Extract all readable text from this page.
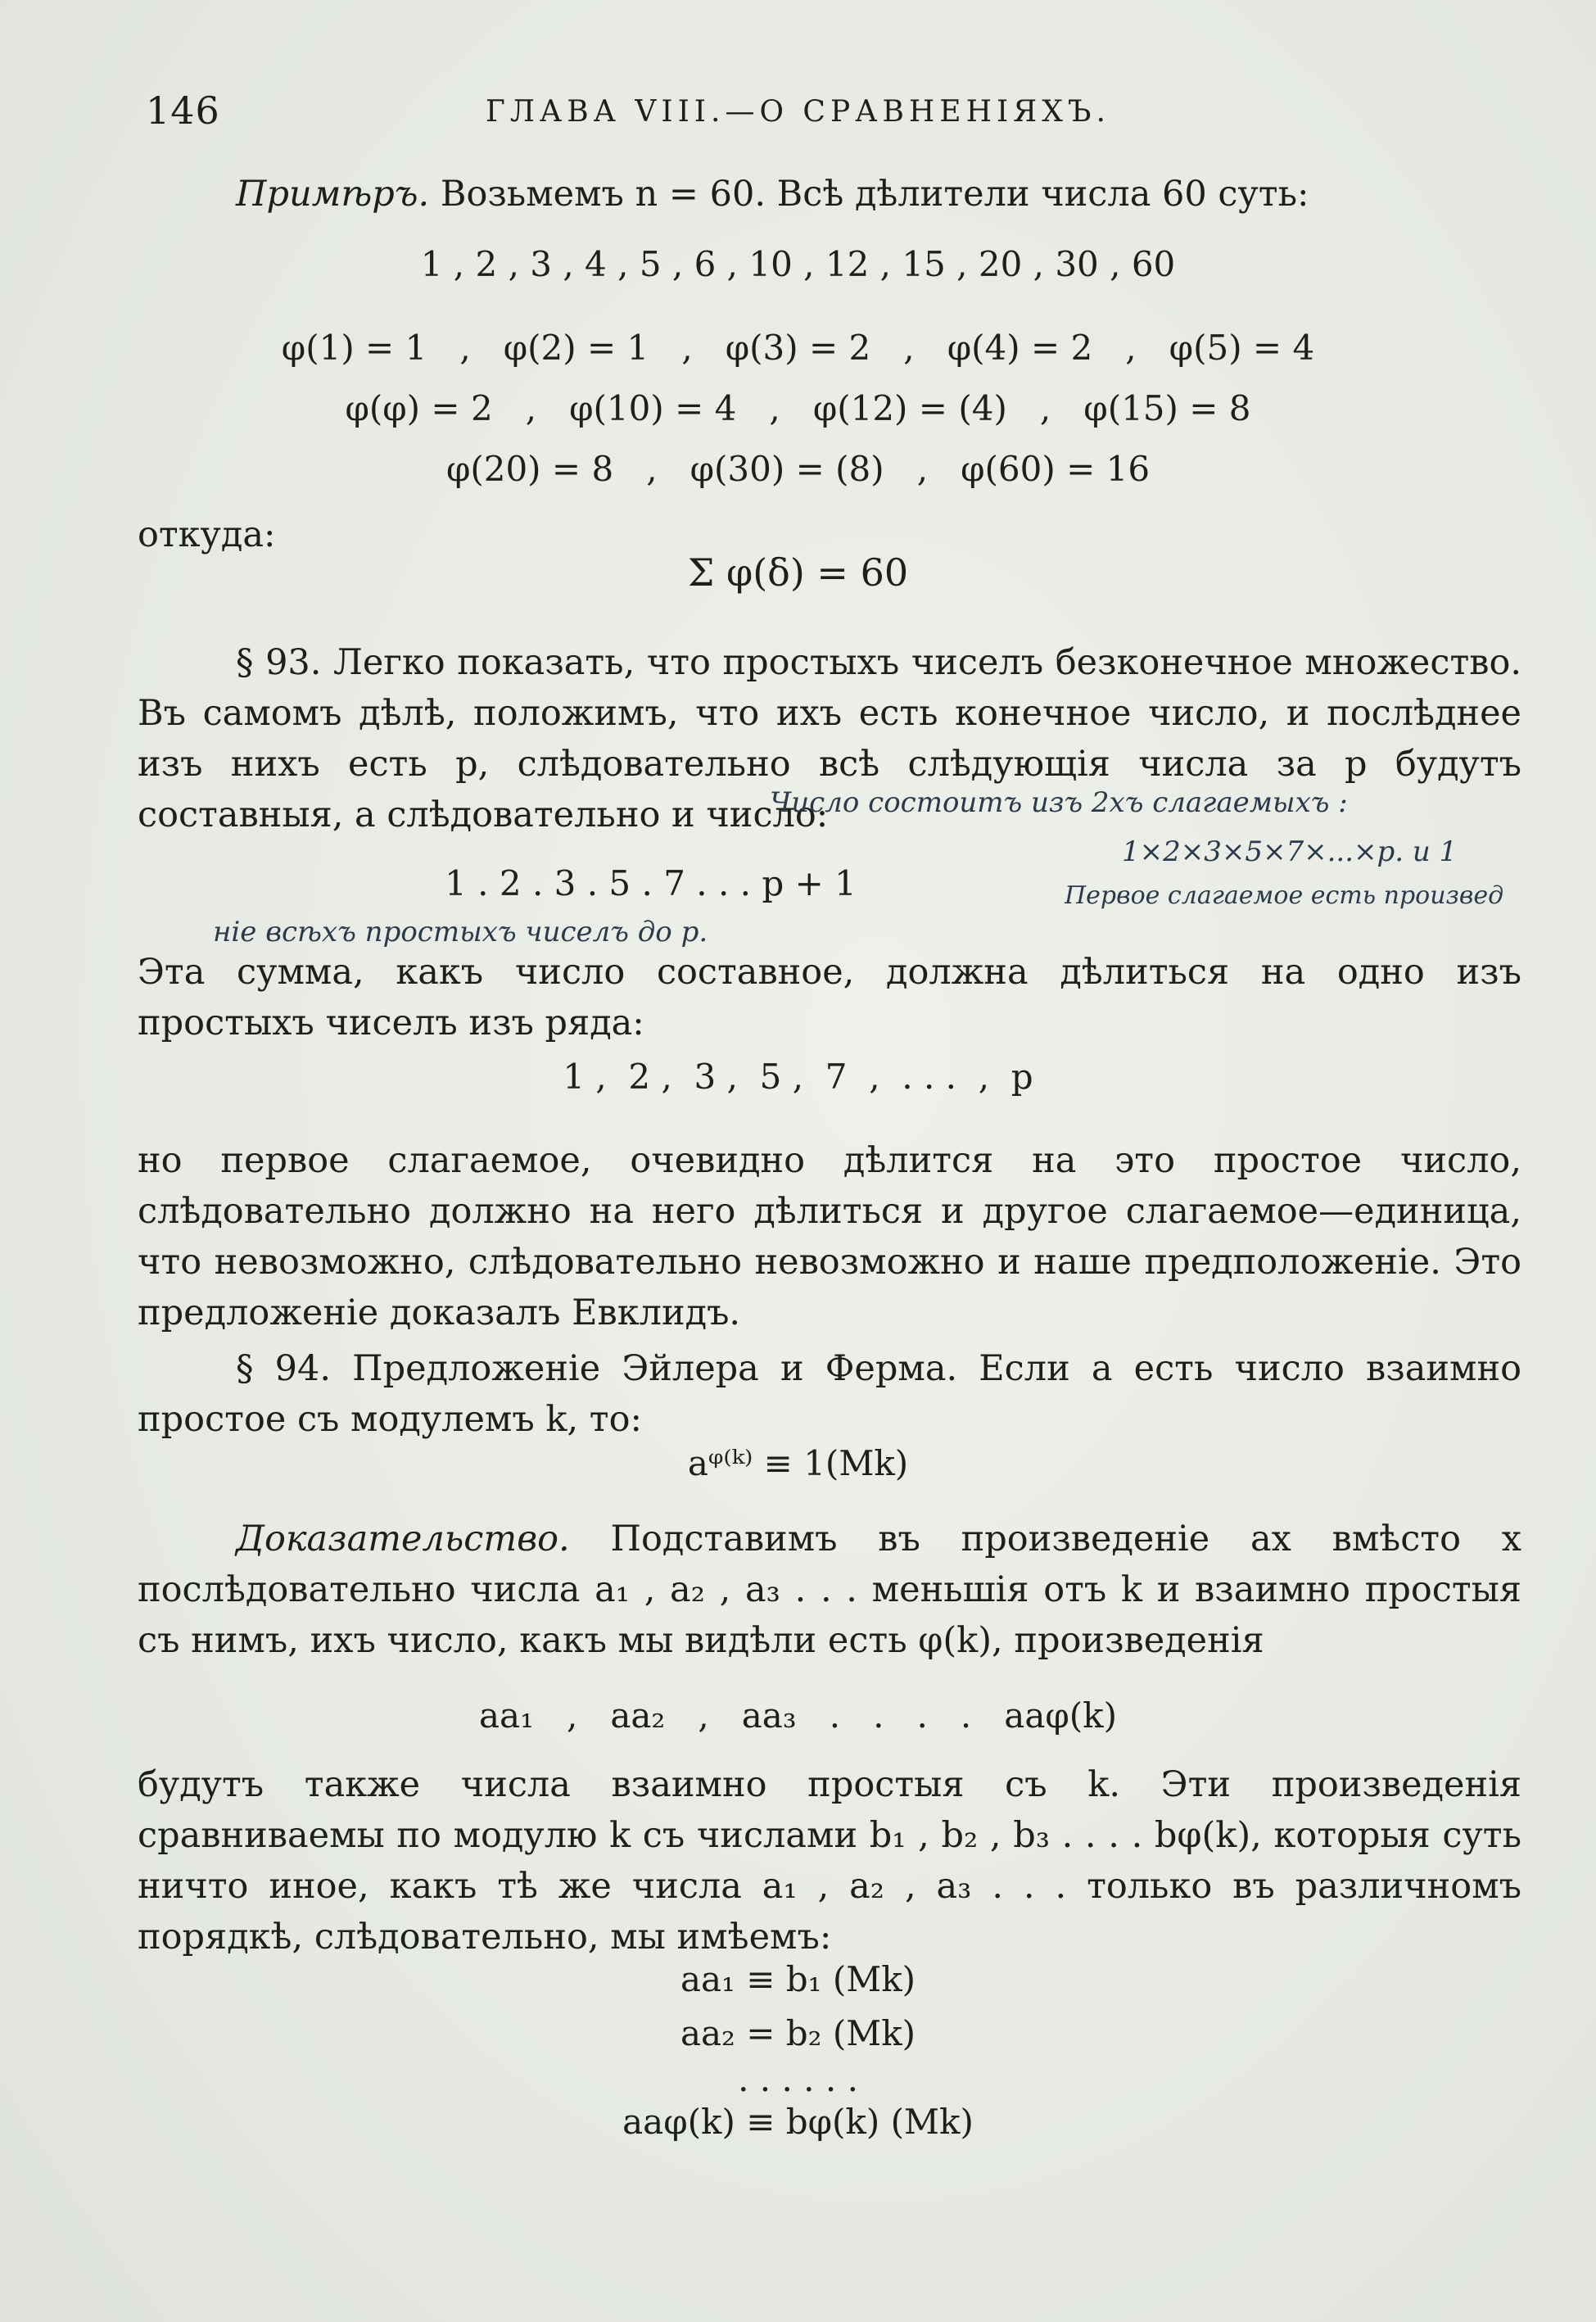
146	ГЛАВА VIII.—О СРАВНЕНІЯХЪ.
Примѣръ. Возьмемъ n = 60. Всѣ дѣлители числа 60 суть:
1 , 2 , 3 , 4 , 5 , 6 , 10 , 12 , 15 , 20 , 30 , 60
φ(1) = 1   ,   φ(2) = 1   ,   φ(3) = 2   ,   φ(4) = 2   ,   φ(5) = 4
φ(φ) = 2   ,   φ(10) = 4   ,   φ(12) = (4)   ,   φ(15) = 8
φ(20) = 8   ,   φ(30) = (8)   ,   φ(60) = 16
откуда:
Σ φ(δ) = 60
§ 93. Легко показать, что простыхъ чиселъ безконечное множество. Въ самомъ дѣлѣ, положимъ, что ихъ есть конечное число, и послѣднее изъ нихъ есть p, слѣдовательно всѣ слѣдующія числа за p будутъ составныя, а слѣдовательно и число:
Число состоитъ изъ 2хъ слагаемыхъ :
1×2×3×5×7×...×p. и 1
1 . 2 . 3 . 5 . 7 . . . p + 1	Первое слагаемое есть произвед
ніе всѣхъ простыхъ чиселъ до p.
Эта сумма, какъ число составное, должна дѣлиться на одно изъ простыхъ чиселъ изъ ряда:
1 ,  2 ,  3 ,  5 ,  7  ,  . . .  ,  p
но первое слагаемое, очевидно дѣлится на это простое число, слѣдовательно должно на него дѣлиться и другое слагаемое—единица, что невозможно, слѣдовательно невозможно и наше предположеніе. Это предложеніе доказалъ Евклидъ.
§ 94. Предложеніе Эйлера и Ферма. Если a есть число взаимно простое съ модулемъ k, то:
aᵠ⁽ᵏ⁾ ≡ 1(Mk)
Доказательство. Подставимъ въ произведеніе ax вмѣсто x послѣдовательно числа a₁ , a₂ , a₃ . . . меньшія отъ k и взаимно простыя съ нимъ, ихъ число, какъ мы видѣли есть φ(k), произведенія
aa₁   ,   aa₂   ,   aa₃   .   .   .   .   aaφ(k)
будутъ также числа взаимно простыя съ k. Эти произведенія сравниваемы по модулю k съ числами b₁ , b₂ , b₃ . . . . bφ(k), которыя суть ничто иное, какъ тѣ же числа a₁ , a₂ , a₃ . . . только въ различномъ порядкѣ, слѣдовательно, мы имѣемъ:
aa₁ ≡ b₁ (Mk)
aa₂ = b₂ (Mk)
. . . . . .
aaφ(k) ≡ bφ(k) (Mk)
